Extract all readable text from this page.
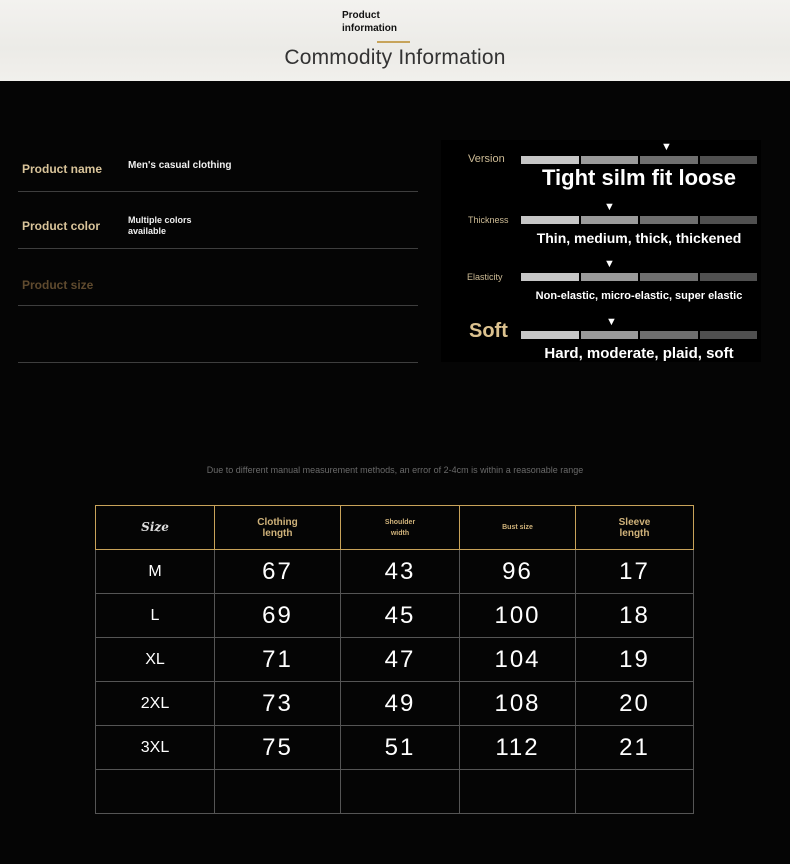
Product information
Commodity Information
Product name	Men's casual clothing
Product color	Multiple colors available
Product size
Version
▼
Tight silm fit loose
Thickness
▼
Thin, medium, thick, thickened
Elasticity
▼
Non-elastic, micro-elastic, super elastic
Soft	▼
Hard, moderate, plaid, soft
Due to different manual measurement methods, an error of 2-4cm is within a reasonable range
Size	Clothing length	Shoulder width	Bust size	Sleeve length
M	67	43	96	17
L	69	45	100	18
XL	71	47	104	19
2XL	73	49	108	20
3XL	75	51	112	21
